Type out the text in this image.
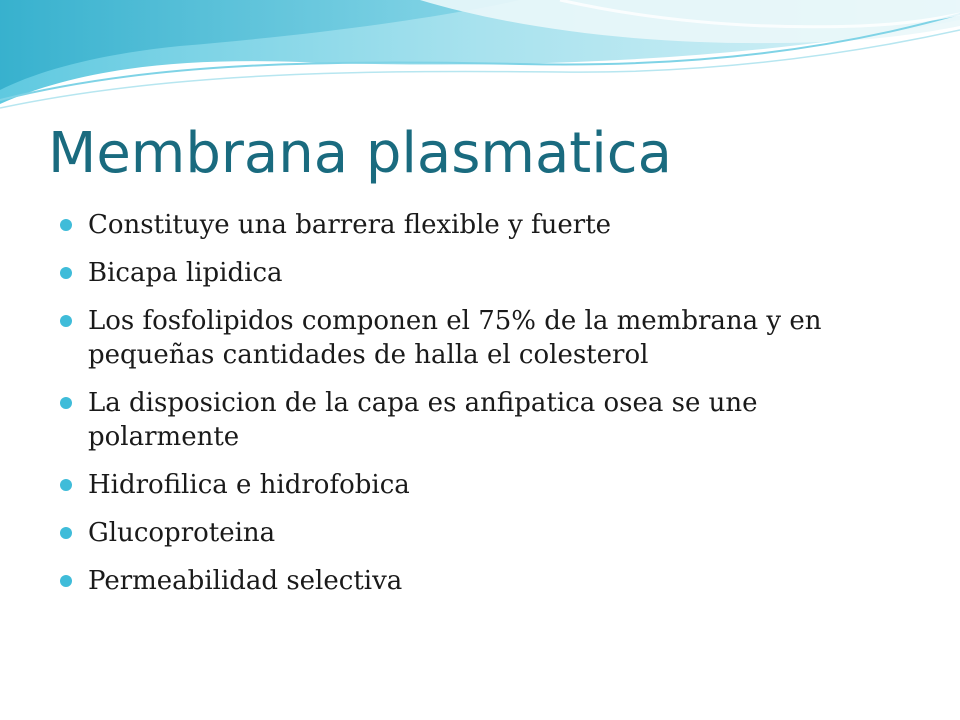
Membrana plasmatica
Constituye una barrera flexible y fuerte
Bicapa lipidica
Los fosfolipidos componen el 75% de la membrana y en pequeñas cantidades de halla el colesterol
La disposicion de la capa es anfipatica osea se une polarmente
Hidrofilica e hidrofobica
Glucoproteina
Permeabilidad selectiva
